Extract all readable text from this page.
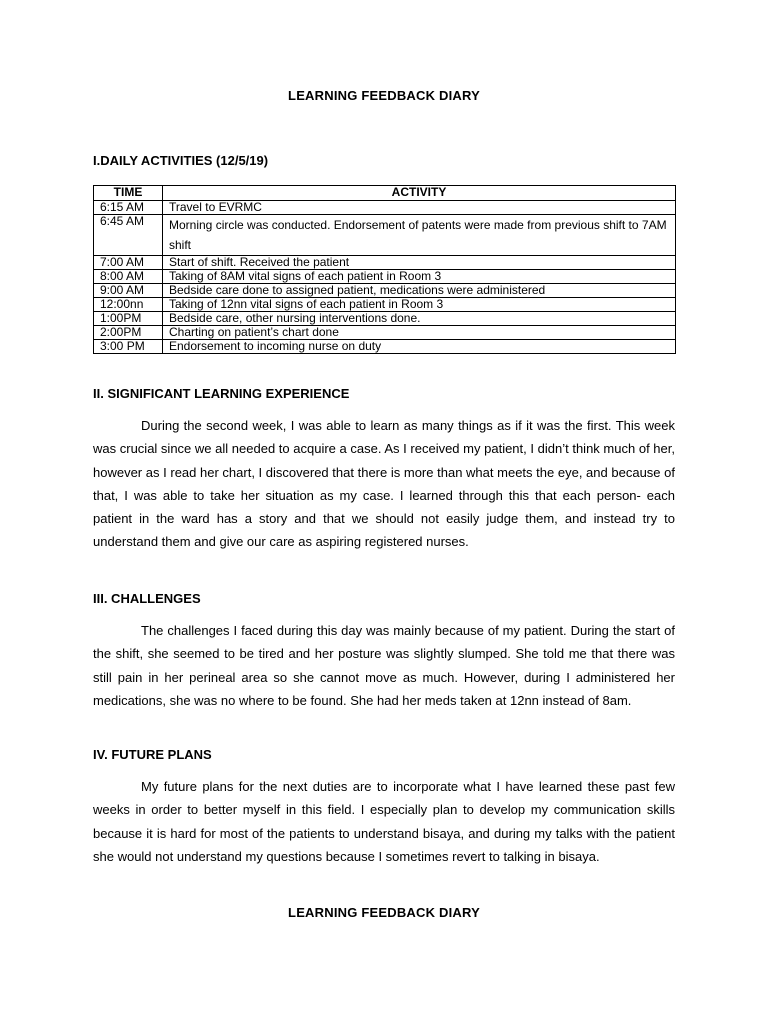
LEARNING FEEDBACK DIARY
I.DAILY ACTIVITIES (12/5/19)
TIME	ACTIVITY
6:15 AM	Travel to EVRMC
6:45 AM	Morning circle was conducted. Endorsement of patents were made from previous shift to 7AM shift
7:00 AM	Start of shift. Received the patient
8:00 AM	Taking of 8AM vital signs of each patient in Room 3
9:00 AM	Bedside care done to assigned patient, medications were administered
12:00nn	Taking of 12nn vital signs of each patient in Room 3
1:00PM	Bedside care, other nursing interventions done.
2:00PM	Charting on patient’s chart done
3:00 PM	Endorsement to incoming nurse on duty
II. SIGNIFICANT LEARNING EXPERIENCE

During the second week, I was able to learn as many things as if it was the first. This week was crucial since we all needed to acquire a case. As I received my patient, I didn’t think much of her, however as I read her chart, I discovered that there is more than what meets the eye, and because of that, I was able to take her situation as my case. I learned through this that each person- each patient in the ward has a story and that we should not easily judge them, and instead try to understand them and give our care as aspiring registered nurses.

III. CHALLENGES

The challenges I faced during this day was mainly because of my patient. During the start of the shift, she seemed to be tired and her posture was slightly slumped. She told me that there was still pain in her perineal area so she cannot move as much. However, during I administered her medications, she was no where to be found. She had her meds taken at 12nn instead of 8am.

IV. FUTURE PLANS

My future plans for the next duties are to incorporate what I have learned these past few weeks in order to better myself in this field. I especially plan to develop my communication skills because it is hard for most of the patients to understand bisaya, and during my talks with the patient she would not understand my questions because I sometimes revert to talking in bisaya.

LEARNING FEEDBACK DIARY
